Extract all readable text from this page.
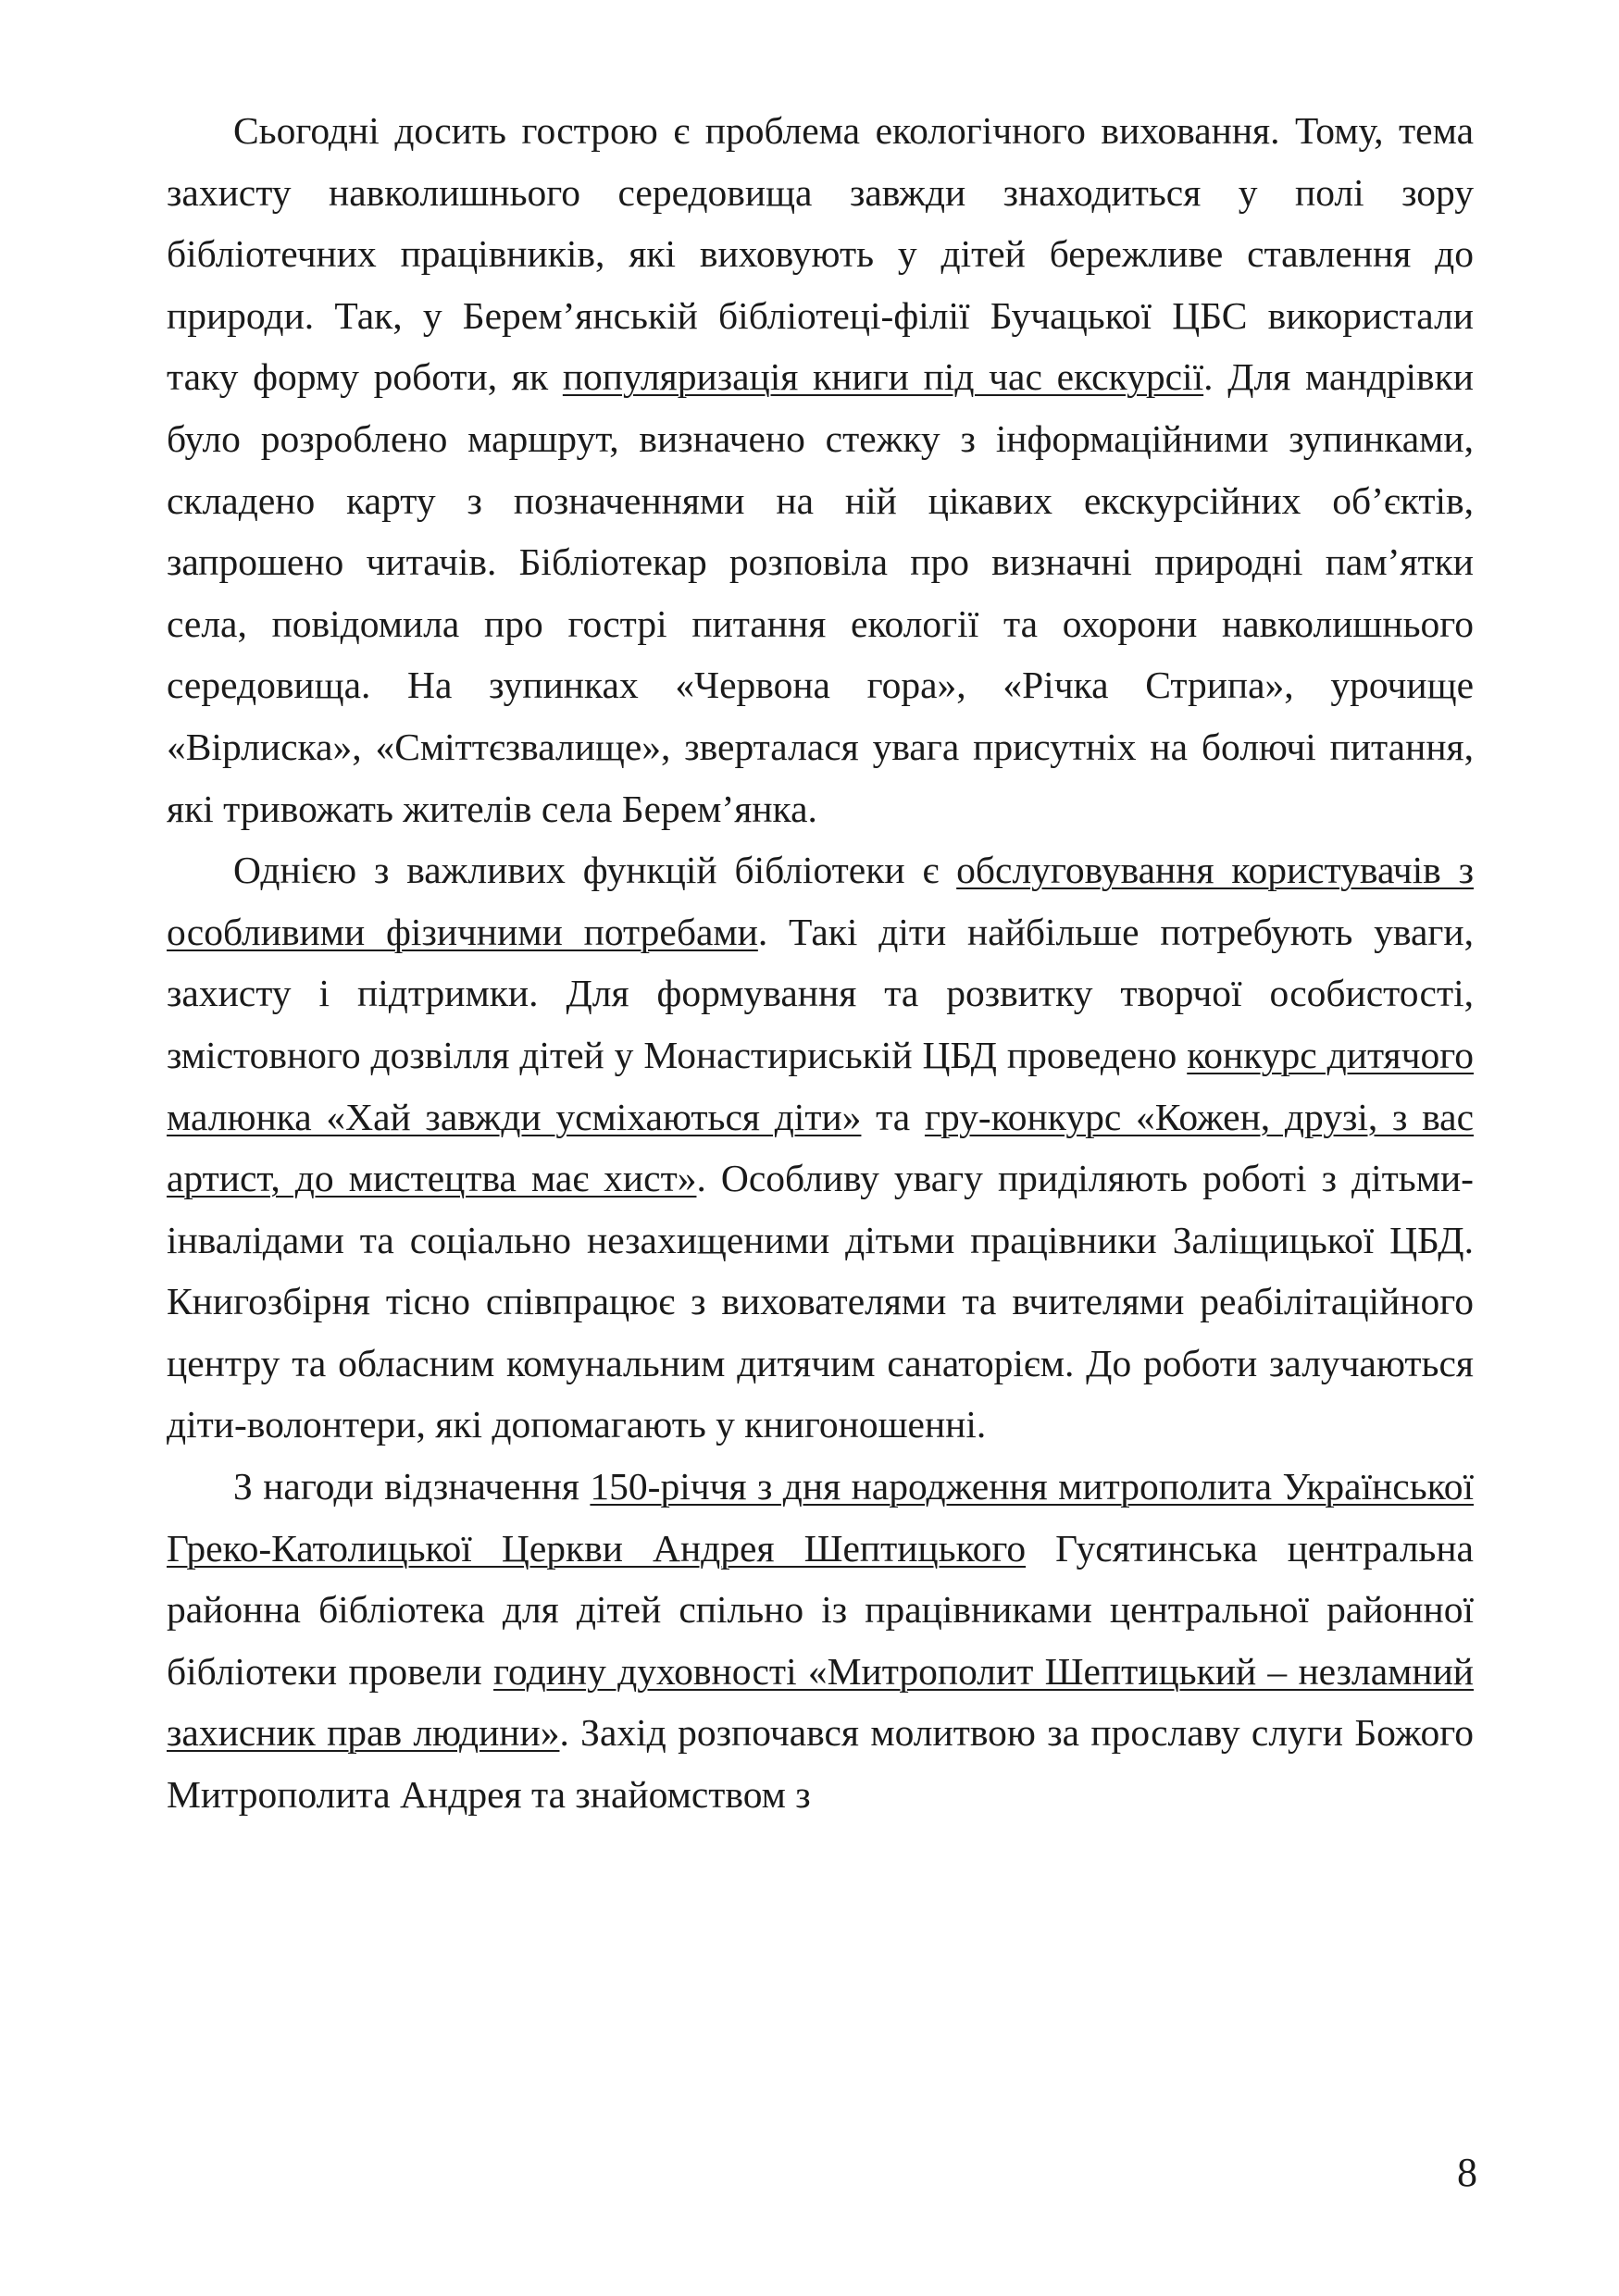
Сьогодні досить гострою є проблема екологічного виховання. Тому, тема захисту навколишнього середовища завжди знаходиться у полі зору бібліотечних працівників, які виховують у дітей бережливе ставлення до природи. Так, у Берем’янській бібліотеці-філії Бучацької ЦБС використали таку форму роботи, як популяризація книги під час екскурсії. Для мандрівки було розроблено маршрут, визначено стежку з інформаційними зупинками, складено карту з позначеннями на ній цікавих екскурсійних об’єктів, запрошено читачів. Бібліотекар розповіла про визначні природні пам’ятки села, повідомила про гострі питання екології та охорони навколишнього середовища. На зупинках «Червона гора», «Річка Стрипа», урочище «Вірлиска», «Сміттєзвалище», зверталася увага присутніх на болючі питання, які тривожать жителів села Берем’янка.

Однією з важливих функцій бібліотеки є обслуговування користувачів з особливими фізичними потребами. Такі діти найбільше потребують уваги, захисту і підтримки. Для формування та розвитку творчої особистості, змістовного дозвілля дітей у Монастириській ЦБД проведено конкурс дитячого малюнка «Хай завжди усміхаються діти» та гру-конкурс «Кожен, друзі, з вас артист, до мистецтва має хист». Особливу увагу приділяють роботі з дітьми-інвалідами та соціально незахищеними дітьми працівники Заліщицької ЦБД. Книгозбірня тісно співпрацює з вихователями та вчителями реабілітаційного центру та обласним комунальним дитячим санаторієм. До роботи залучаються діти-волонтери, які допомагають у книгоношенні.

З нагоди відзначення 150-річчя з дня народження митрополита Української Греко-Католицької Церкви Андрея Шептицького Гусятинська центральна районна бібліотека для дітей спільно із працівниками центральної районної бібліотеки провели годину духовності «Митрополит Шептицький – незламний захисник прав людини». Захід розпочався молитвою за прославу слуги Божого Митрополита Андрея та знайомством з

8
